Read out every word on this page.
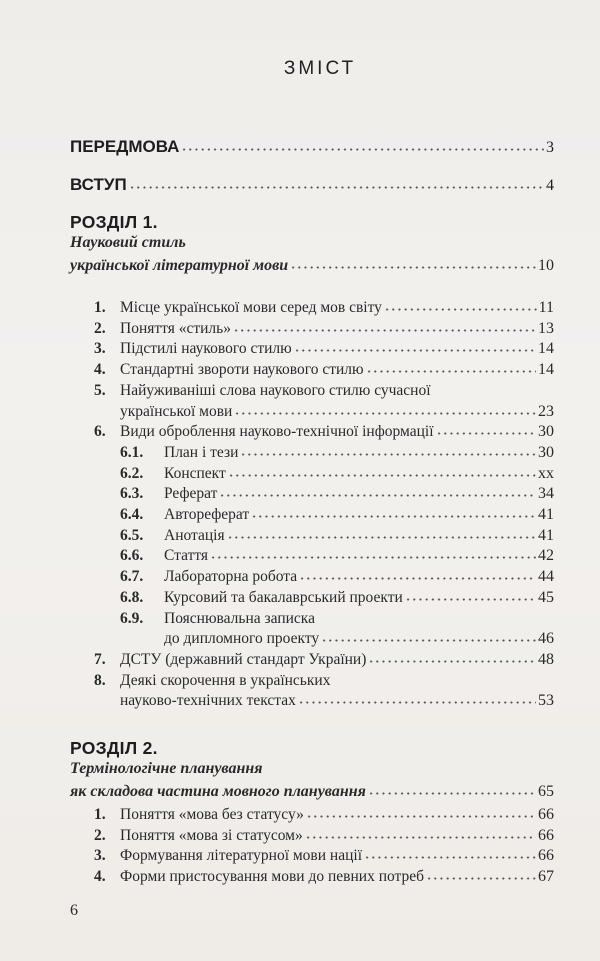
ЗМІСТ
ПЕРЕДМОВА	3
ВСТУП	4
РОЗДІЛ 1.
Науковий стиль
української літературної мови	10
1. Місце української мови серед мов світу	11
2. Поняття «стиль»	13
3. Підстилі наукового стилю	14
4. Стандартні звороти наукового стилю	14
5. Найуживаніші слова наукового стилю сучасної
української мови	23
6. Види оброблення науково-технічної інформації	30
6.1.	План і тези	30
6.2.	Конспект	xx
6.3.	Реферат	34
6.4.	Автореферат	41
6.5.	Анотація	41
6.6.	Стаття	42
6.7.	Лабораторна робота	44
6.8.	Курсовий та бакалаврський проекти	45
6.9.	Пояснювальна записка
до дипломного проекту	46
7. ДСТУ (державний стандарт України)	48
8. Деякі скорочення в українських
науково-технічних текстах	53
РОЗДІЛ 2.
Термінологічне планування
як складова частина мовного планування	65
1. Поняття «мова без статусу»	66
2. Поняття «мова зі статусом»	66
3. Формування літературної мови нації	66
4. Форми пристосування мови до певних потреб	67
6
